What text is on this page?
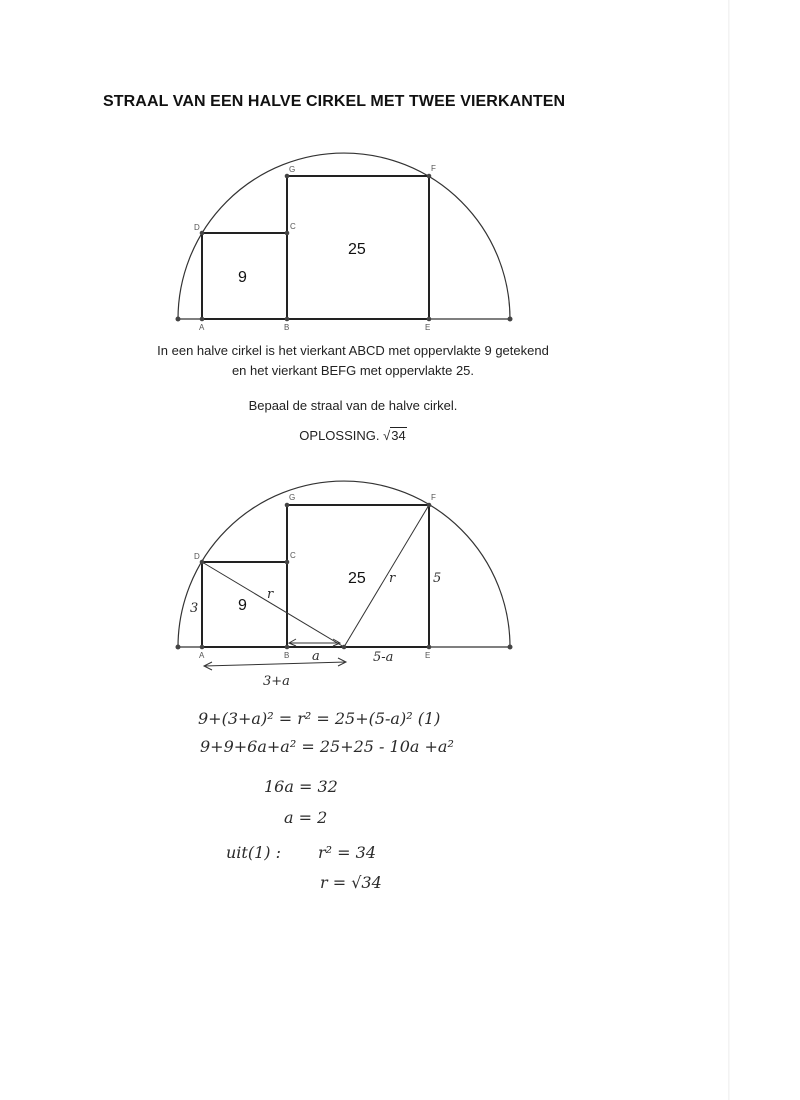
STRAAL VAN EEN HALVE CIRKEL MET TWEE VIERKANTEN
A	B	E
D	C
G	F
9
25
In een halve cirkel is het vierkant ABCD met oppervlakte 9 getekend
en het vierkant BEFG met oppervlakte 25.
Bepaal de straal van de halve cirkel.
OPLOSSING. √34
A	B	E
D	C
G	F
9
25
3
5
r
r
a	5-a
3+a
9+(3+a)² = r² = 25+(5-a)² (1)
9+9+6a+a² = 25+25 - 10a +a²
16a = 32
a = 2
uit(1) : r² = 34
r = √34
